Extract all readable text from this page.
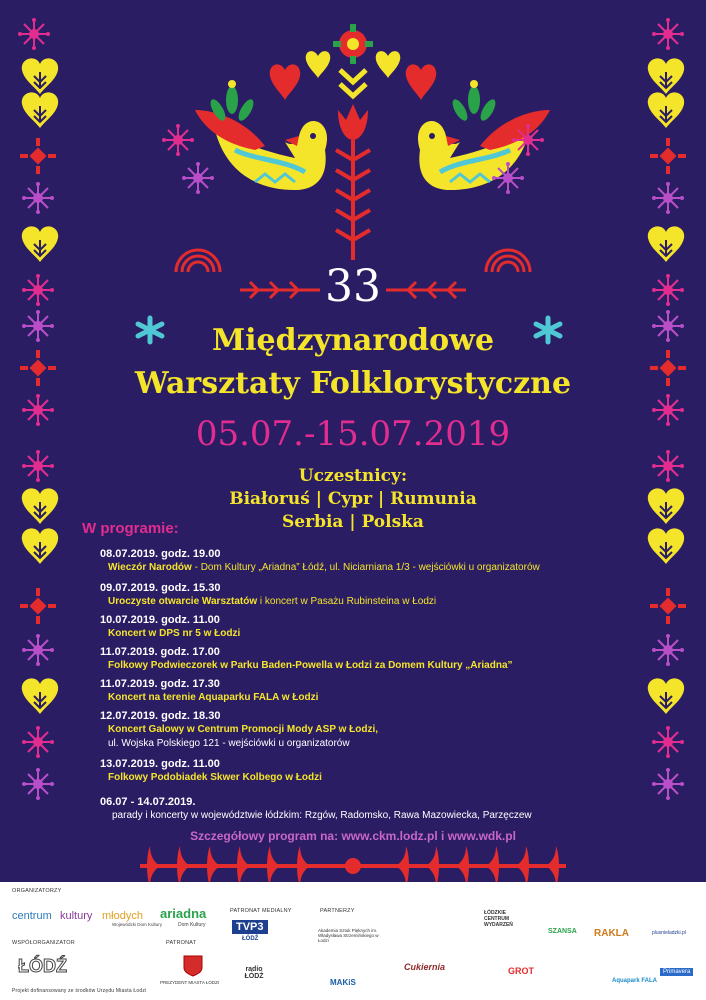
33
Międzynarodowe
Warsztaty Folklorystyczne
05.07.-15.07.2019
Uczestnicy:
Białoruś | Cypr | Rumunia
Serbia | Polska
W programie:
08.07.2019. godz. 19.00
Wieczór Narodów - Dom Kultury „Ariadna” Łódź, ul. Niciarniana 1/3 - wejściówki u organizatorów
09.07.2019. godz. 15.30
Uroczyste otwarcie Warsztatów i koncert w Pasażu Rubinsteina w Łodzi
10.07.2019. godz. 11.00
Koncert w DPS nr 5 w Łodzi
11.07.2019. godz. 17.00
Folkowy Podwieczorek w Parku Baden-Powella w Łodzi za Domem Kultury „Ariadna”
11.07.2019. godz. 17.30
Koncert na terenie Aquaparku FALA w Łodzi
12.07.2019. godz. 18.30
Koncert Galowy w Centrum Promocji Mody ASP w Łodzi,
ul. Wojska Polskiego 121 - wejściówki u organizatorów
13.07.2019. godz. 11.00
Folkowy Podobiadek Skwer Kolbego w Łodzi
06.07 - 14.07.2019.
parady i koncerty w województwie łódzkim: Rzgów, Radomsko, Rawa Mazowiecka, Parzęczew
Szczegółowy program na: www.ckm.lodz.pl i www.wdk.pl
ORGANIZATORZY
WSPÓŁORGANIZATOR
PATRONAT MEDIALNY
PATRONAT
PARTNERZY
Projekt dofinansowany ze środków Urzędu Miasta Łodzi
centrum kultury młodych
Wojewódzki Dom Kultury
ariadna
Dom Kultury
ŁÓDŹ
PREZYDENT MIASTA ŁODZI
TVP3
ŁÓDŹ
radio ŁÓDŹ
Akademia Sztuk Pięknych im. Władysława Strzemińskiego w Łodzi
MAKiS
Cukiernia
ŁÓDZKIE CENTRUM WYDARZEŃ
SZANSA RAKLA	plusnieladzki.pl
GROT
Aquapark FALA
Primavera
